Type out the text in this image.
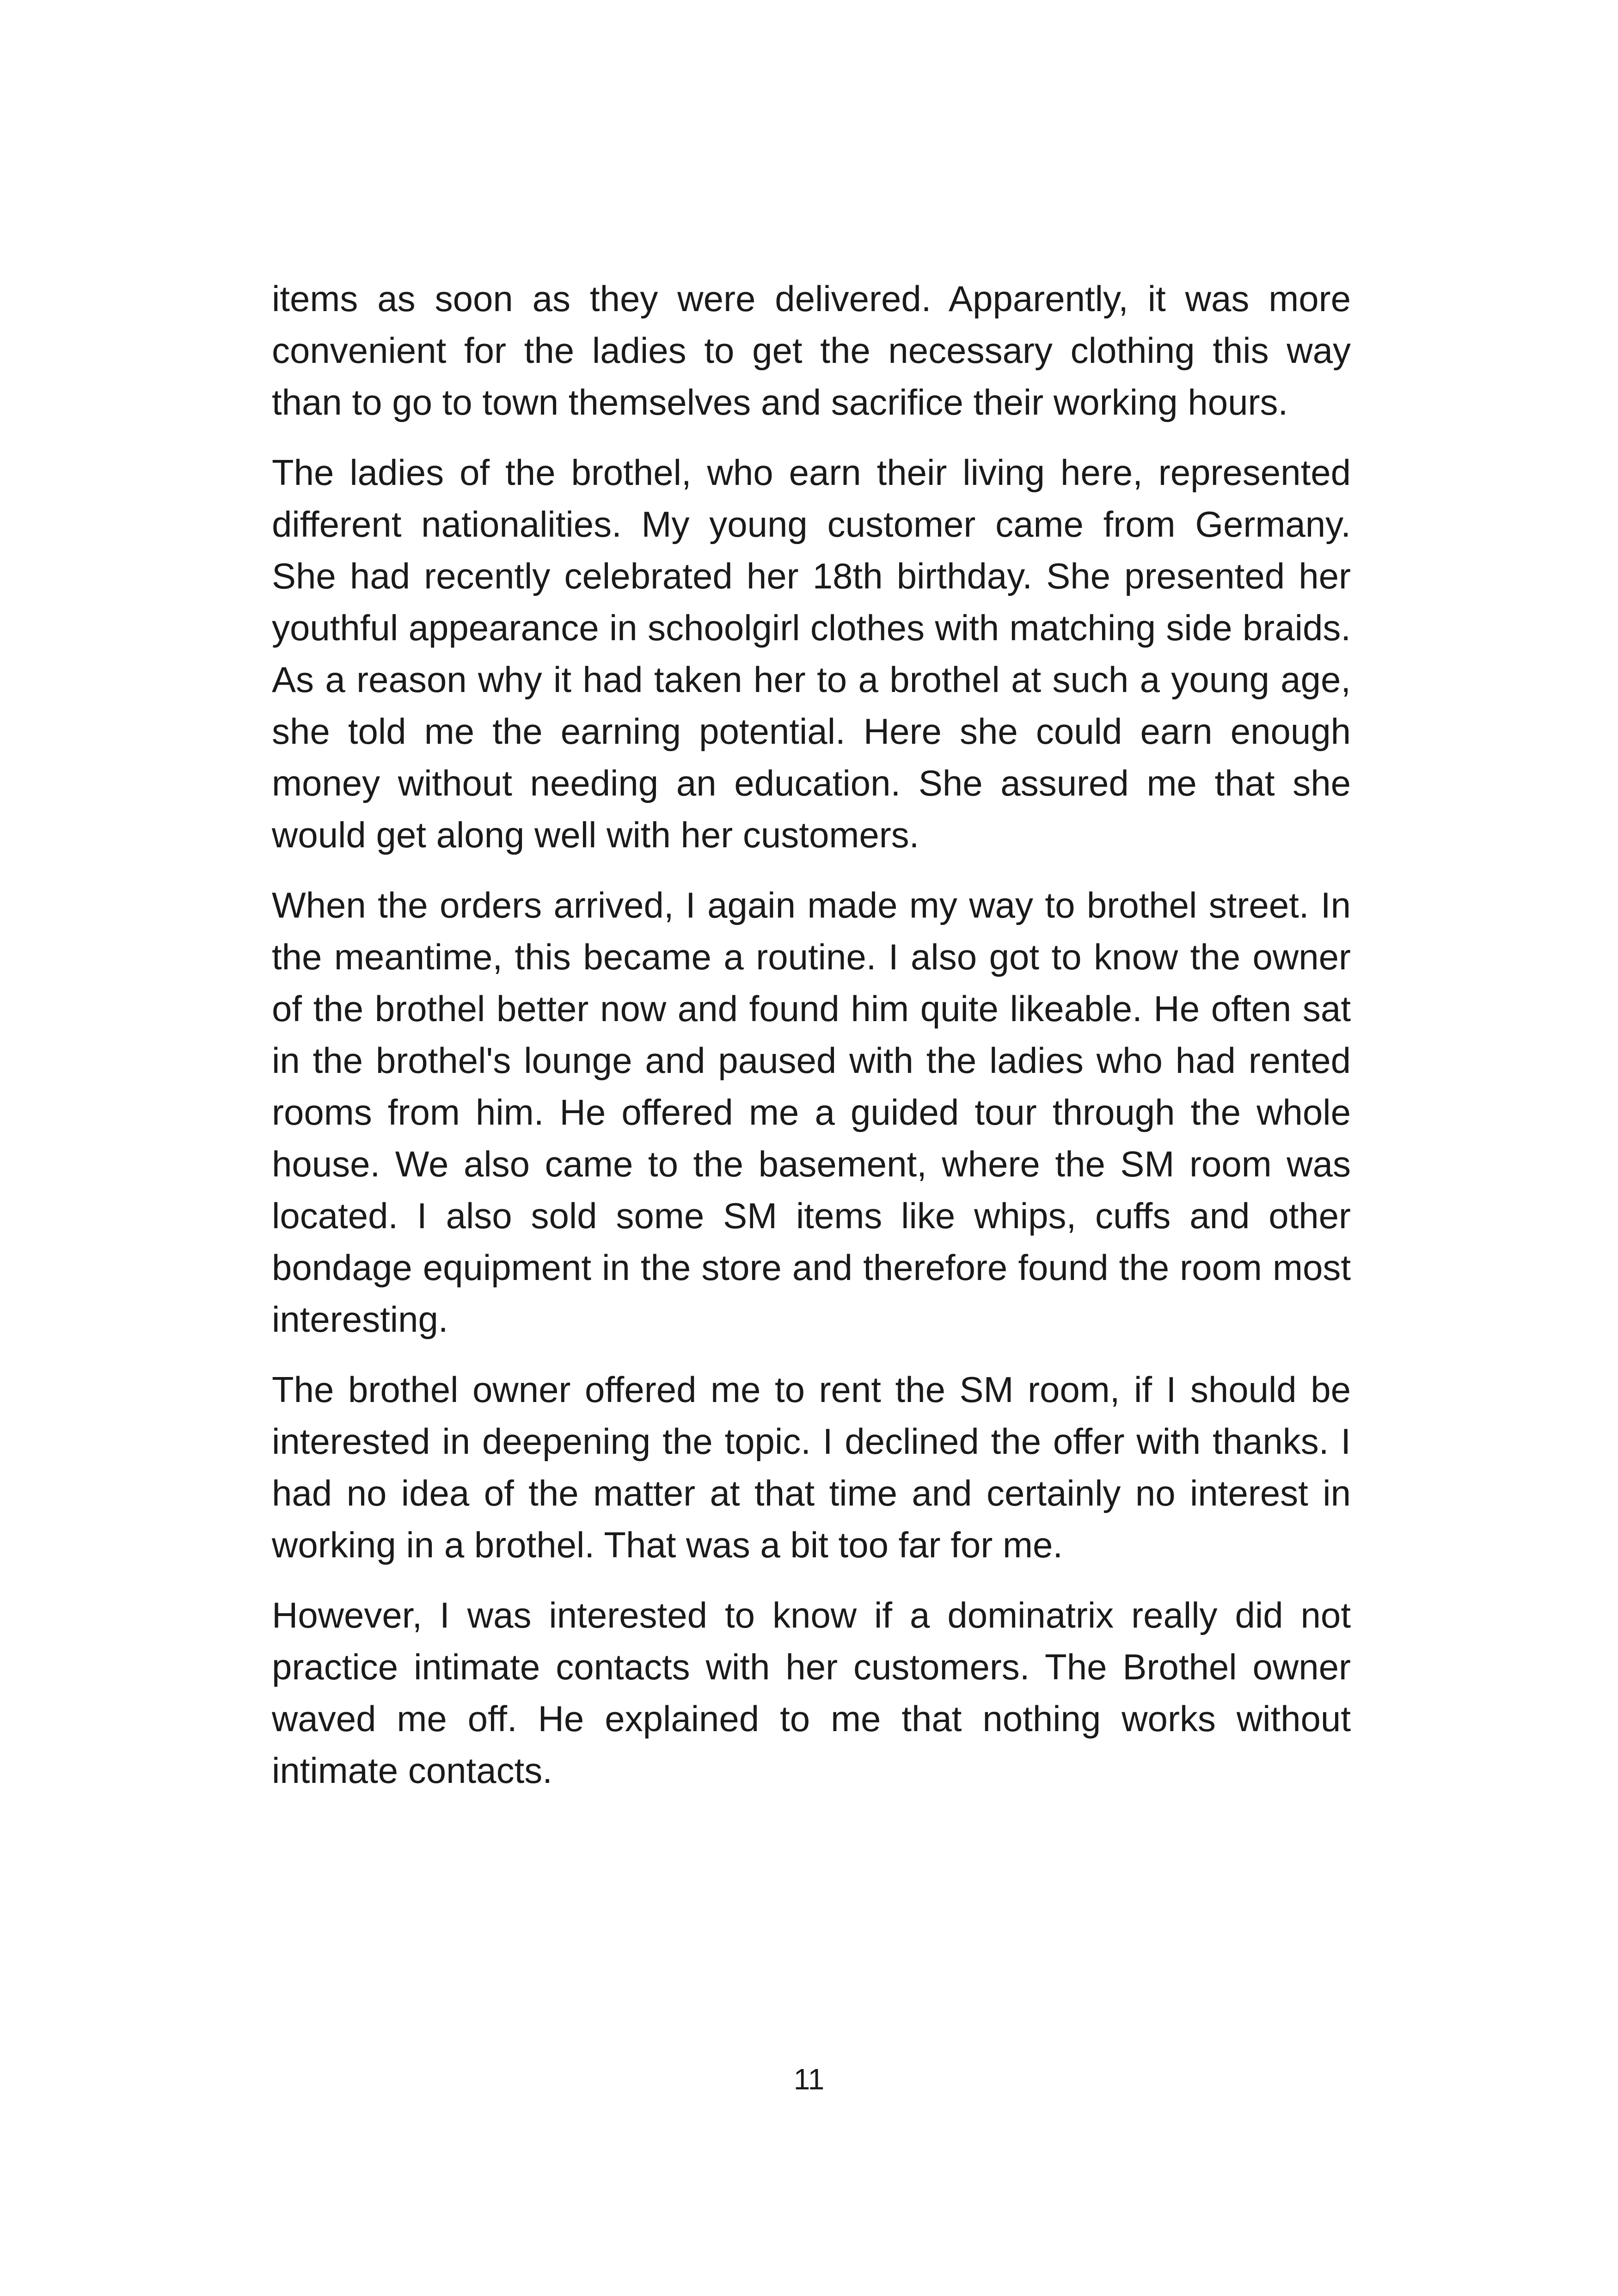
items as soon as they were delivered. Apparently, it was more convenient for the ladies to get the necessary clothing this way than to go to town themselves and sacrifice their working hours.

The ladies of the brothel, who earn their living here, represented different nationalities. My young customer came from Germany. She had recently celebrated her 18th birthday. She presented her youthful appearance in schoolgirl clothes with matching side braids. As a reason why it had taken her to a brothel at such a young age, she told me the earning potential. Here she could earn enough money without needing an education. She assured me that she would get along well with her customers.

When the orders arrived, I again made my way to brothel street. In the meantime, this became a routine. I also got to know the owner of the brothel better now and found him quite likeable. He often sat in the brothel's lounge and paused with the ladies who had rented rooms from him. He offered me a guided tour through the whole house. We also came to the basement, where the SM room was located. I also sold some SM items like whips, cuffs and other bondage equipment in the store and therefore found the room most interesting.

The brothel owner offered me to rent the SM room, if I should be interested in deepening the topic. I declined the offer with thanks. I had no idea of the matter at that time and certainly no interest in working in a brothel. That was a bit too far for me.

However, I was interested to know if a dominatrix really did not practice intimate contacts with her customers. The Brothel owner waved me off. He explained to me that nothing works without intimate contacts.

11
